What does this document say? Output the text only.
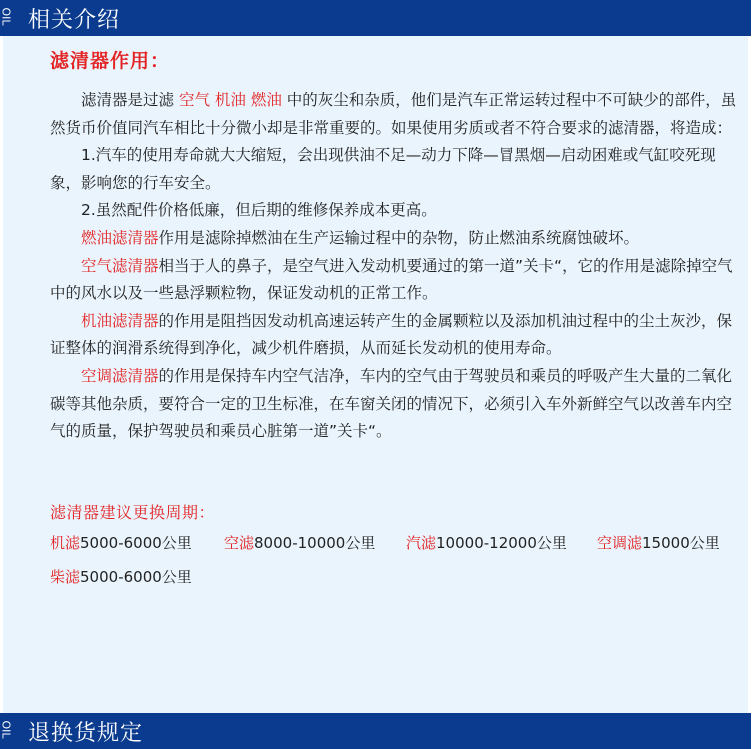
OIL 相关介绍
滤清器作用：

滤清器是过滤 空气 机油 燃油 中的灰尘和杂质，他们是汽车正常运转过程中不可缺少的部件，虽然货币价值同汽车相比十分微小却是非常重要的。如果使用劣质或者不符合要求的滤清器，将造成：

1.汽车的使用寿命就大大缩短，会出现供油不足—动力下降—冒黑烟—启动困难或气缸咬死现象，影响您的行车安全。

2.虽然配件价格低廉，但后期的维修保养成本更高。

燃油滤清器作用是滤除掉燃油在生产运输过程中的杂物，防止燃油系统腐蚀破坏。

空气滤清器相当于人的鼻子，是空气进入发动机要通过的第一道”关卡“，它的作用是滤除掉空气中的风水以及一些悬浮颗粒物，保证发动机的正常工作。

机油滤清器的作用是阻挡因发动机高速运转产生的金属颗粒以及添加机油过程中的尘土灰沙，保证整体的润滑系统得到净化，减少机件磨损，从而延长发动机的使用寿命。

空调滤清器的作用是保持车内空气洁净，车内的空气由于驾驶员和乘员的呼吸产生大量的二氧化碳等其他杂质，要符合一定的卫生标准，在车窗关闭的情况下，必须引入车外新鲜空气以改善车内空气的质量，保护驾驶员和乘员心脏第一道”关卡“。

滤清器建议更换周期：
机滤5000-6000公里 空滤8000-10000公里 汽滤10000-12000公里 空调滤15000公里
柴滤5000-6000公里
OIL 退换货规定
